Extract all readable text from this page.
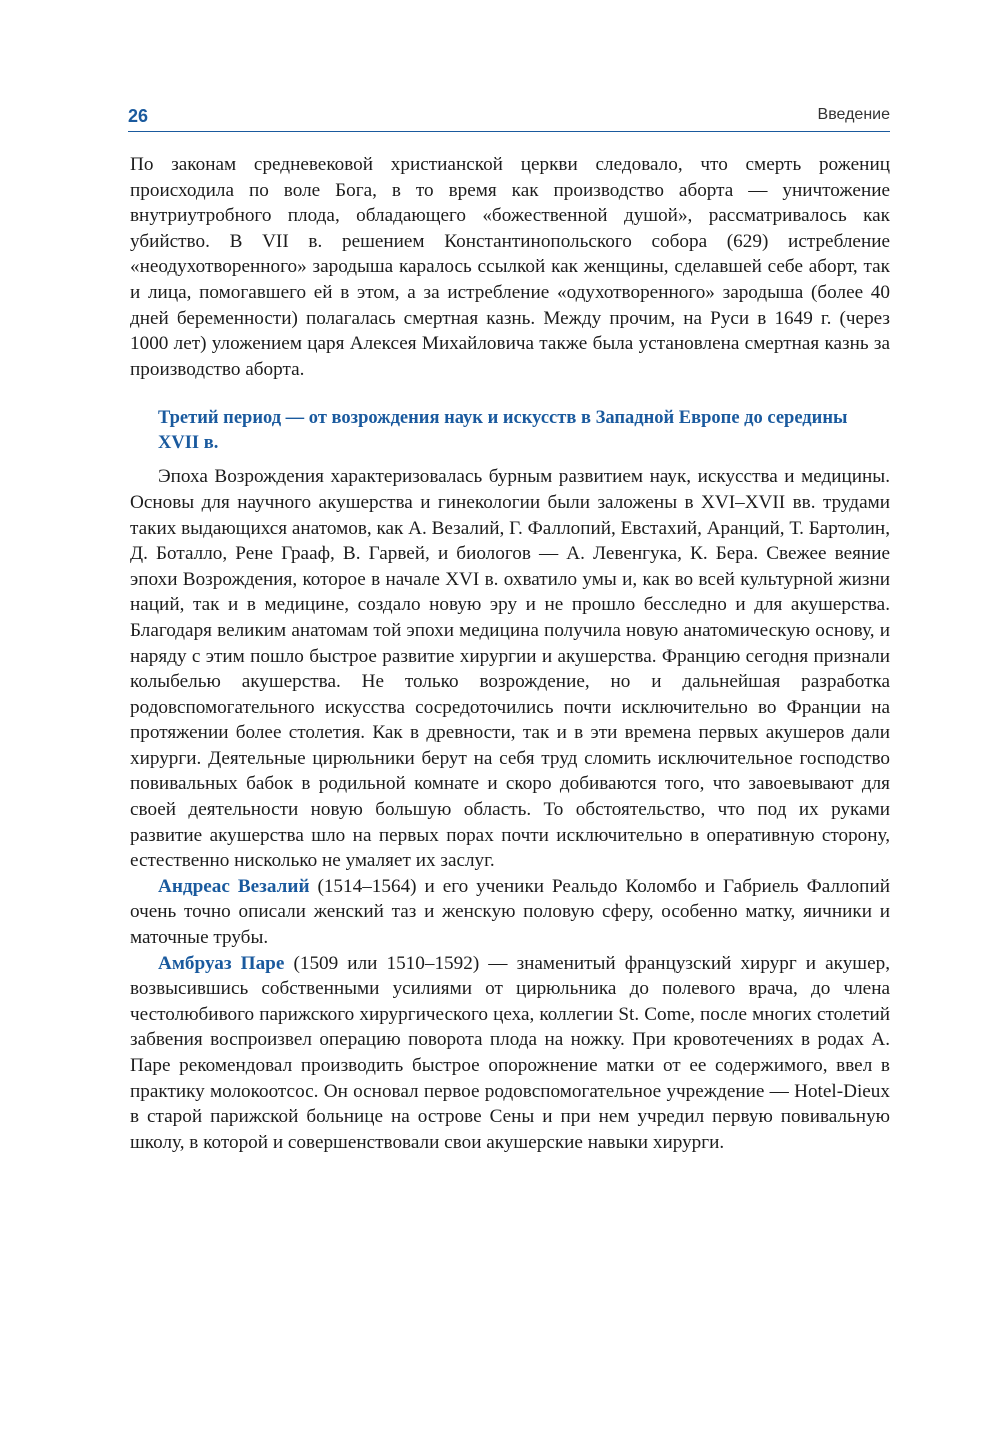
26	Введение

По законам средневековой христианской церкви следовало, что смерть рожениц происходила по воле Бога, в то время как производство аборта — уничтожение внутриутробного плода, обладающего «божественной душой», рассматривалось как убийство. В VII в. решением Константинопольского собора (629) истребление «неодухотворенного» зародыша каралось ссылкой как женщины, сделавшей себе аборт, так и лица, помогавшего ей в этом, а за истребление «одухотворенного» зародыша (более 40 дней беременности) полагалась смертная казнь. Между прочим, на Руси в 1649 г. (через 1000 лет) уложением царя Алексея Михайловича также была установлена смертная казнь за производство аборта.

Третий период — от возрождения наук и искусств в Западной Европе до середины XVII в.

Эпоха Возрождения характеризовалась бурным развитием наук, искусства и медицины. Основы для научного акушерства и гинекологии были заложены в XVI–XVII вв. трудами таких выдающихся анатомов, как А. Везалий, Г. Фаллопий, Евстахий, Аранций, Т. Бартолин, Д. Боталло, Ренe Грааф, В. Гарвей, и биологов — А. Левенгука, К. Бера. Свежее веяние эпохи Возрождения, которое в начале XVI в. охватило умы и, как во всей культурной жизни наций, так и в медицине, создало новую эру и не прошло бесследно и для акушерства. Благодаря великим анатомам той эпохи медицина получила новую анатомическую основу, и наряду с этим пошло быстрое развитие хирургии и акушерства. Францию сегодня признали колыбелью акушерства. Не только возрождение, но и дальнейшая разработка родовспомогательного искусства сосредоточились почти исключительно во Франции на протяжении более столетия. Как в древности, так и в эти времена первых акушеров дали хирурги. Деятельные цирюльники берут на себя труд сломить исключительное господство повивальных бабок в родильной комнате и скоро добиваются того, что завоевывают для своей деятельности новую большую область. То обстоятельство, что под их руками развитие акушерства шло на первых порах почти исключительно в оперативную сторону, естественно нисколько не умаляет их заслуг.

Андреас Везалий (1514–1564) и его ученики Реальдо Коломбо и Габриель Фаллопий очень точно описали женский таз и женскую половую сферу, особенно матку, яичники и маточные трубы.

Амбруаз Паре (1509 или 1510–1592) — знаменитый французский хирург и акушер, возвысившись собственными усилиями от цирюльника до полевого врача, до члена честолюбивого парижского хирургического цеха, коллегии St. Come, после многих столетий забвения воспроизвел операцию поворота плода на ножку. При кровотечениях в родах А. Паре рекомендовал производить быстрое опорожнение матки от ее содержимого, ввел в практику молокоотсос. Он основал первое родовспомогательное учреждение — Hotel-Dieux в старой парижской больнице на острове Сены и при нем учредил первую повивальную школу, в которой и совершенствовали свои акушерские навыки хирурги.
